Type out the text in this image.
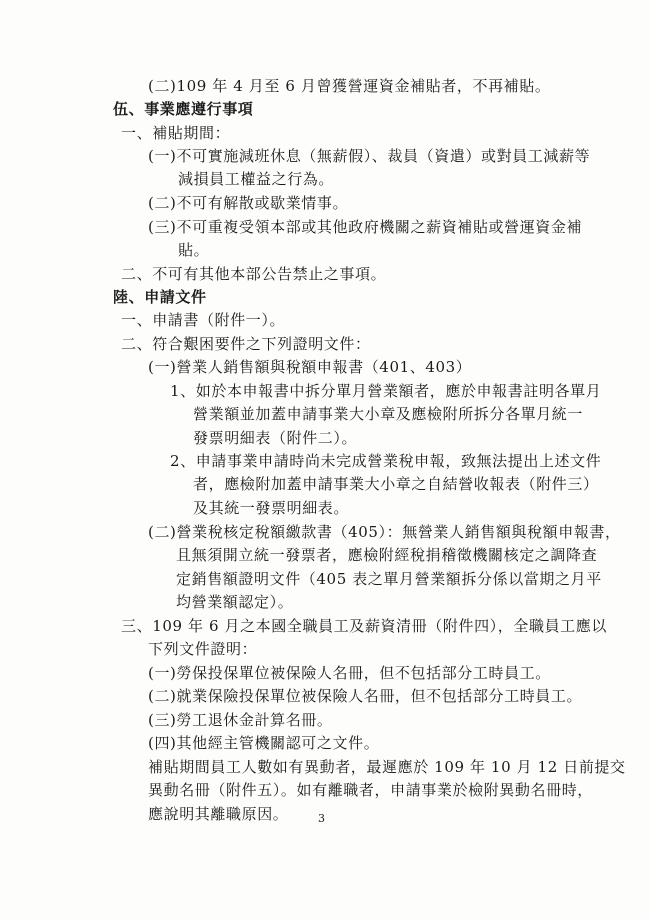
(二)109 年 4 月至 6 月曾獲營運資金補貼者，不再補貼。
伍、事業應遵行事項
一、補貼期間：
(一)不可實施減班休息（無薪假）、裁員（資遣）或對員工減薪等
減損員工權益之行為。
(二)不可有解散或歇業情事。
(三)不可重複受領本部或其他政府機關之薪資補貼或營運資金補
貼。
二、不可有其他本部公告禁止之事項。
陸、申請文件
一、申請書（附件一）。
二、符合艱困要件之下列證明文件：
(一)營業人銷售額與稅額申報書（401、403）
1、如於本申報書中拆分單月營業額者，應於申報書註明各單月
營業額並加蓋申請事業大小章及應檢附所拆分各單月統一
發票明細表（附件二）。
2、申請事業申請時尚未完成營業稅申報，致無法提出上述文件
者，應檢附加蓋申請事業大小章之自結營收報表（附件三）
及其統一發票明細表。
(二)營業稅核定稅額繳款書（405）：無營業人銷售額與稅額申報書，
且無須開立統一發票者，應檢附經稅捐稽徵機關核定之調降查
定銷售額證明文件（405 表之單月營業額拆分係以當期之月平
均營業額認定）。
三、109 年 6 月之本國全職員工及薪資清冊（附件四），全職員工應以
下列文件證明：
(一)勞保投保單位被保險人名冊，但不包括部分工時員工。
(二)就業保險投保單位被保險人名冊，但不包括部分工時員工。
(三)勞工退休金計算名冊。
(四)其他經主管機關認可之文件。
補貼期間員工人數如有異動者，最遲應於 109 年 10 月 12 日前提交
異動名冊（附件五）。如有離職者，申請事業於檢附異動名冊時，
應說明其離職原因。	3
